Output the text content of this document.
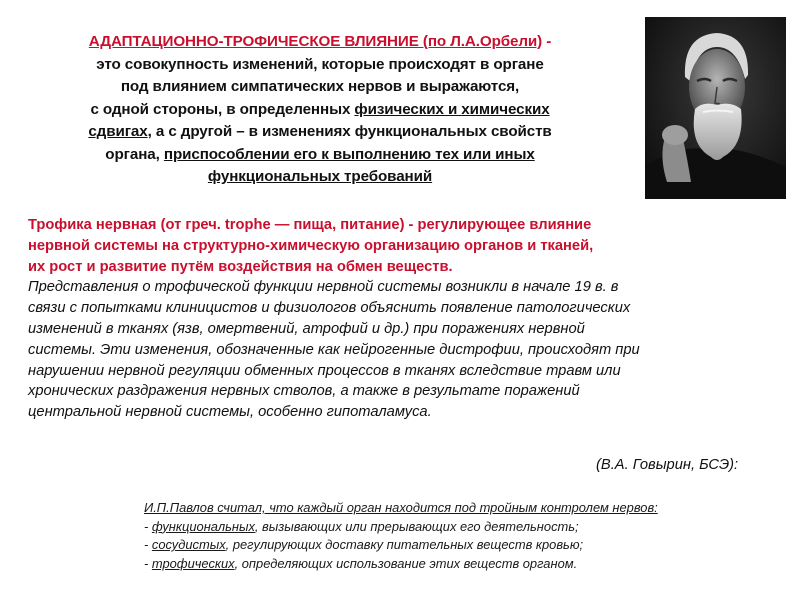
АДАПТАЦИОННО-ТРОФИЧЕСКОЕ ВЛИЯНИЕ (по Л.А.Орбели) -
это совокупность изменений, которые происходят в органе
под влиянием симпатических нервов и выражаются,
с одной стороны, в определенных физических и химических
сдвигах, а с другой – в изменениях функциональных свойств
органа, приспособлении его к выполнению тех или иных
функциональных требований
Трофика нервная (от греч. trophe — пища, питание) - регулирующее влияние
нервной системы на структурно-химическую организацию органов и тканей,
их рост и развитие путём воздействия на обмен веществ.
Представления о трофической функции нервной системы возникли в начале 19 в. в
связи с попытками клиницистов и физиологов объяснить появление патологических
изменений в тканях (язв, омертвений, атрофий и др.) при поражениях нервной
системы. Эти изменения, обозначенные как нейрогенные дистрофии, происходят при
нарушении нервной регуляции обменных процессов в тканях вследствие травм или
хронических раздражения нервных стволов, а также в результате поражений
центральной нервной системы, особенно гипоталамуса.
(В.А. Говырин, БСЭ):
И.П.Павлов считал, что каждый орган находится под тройным контролем нервов:
- функциональных, вызывающих или прерывающих его деятельность;
- сосудистых, регулирующих доставку питательных веществ кровью;
- трофических, определяющих использование этих веществ органом.
